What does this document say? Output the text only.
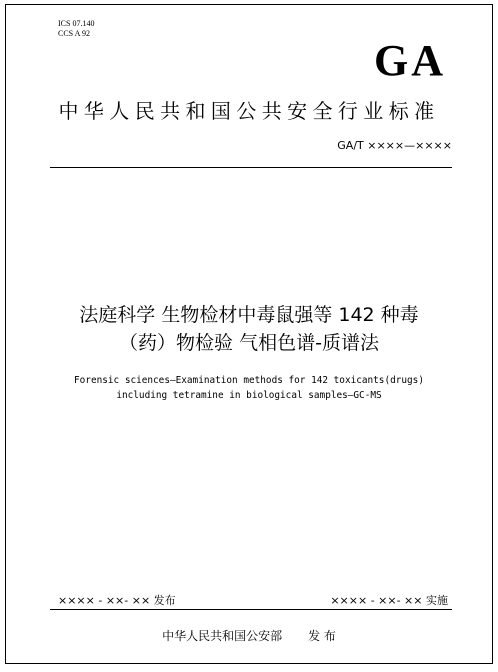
ICS 07.140
CCS A 92
GA
中华人民共和国公共安全行业标准
GA/T ××××—××××
法庭科学 生物检材中毒鼠强等 142 种毒
（药）物检验 气相色谱-质谱法
Forensic sciences—Examination methods for 142 toxicants(drugs)
including tetramine in biological samples—GC-MS
×××× - ××- ×× 发布	×××× - ××- ×× 实施
中华人民共和国公安部 发 布
